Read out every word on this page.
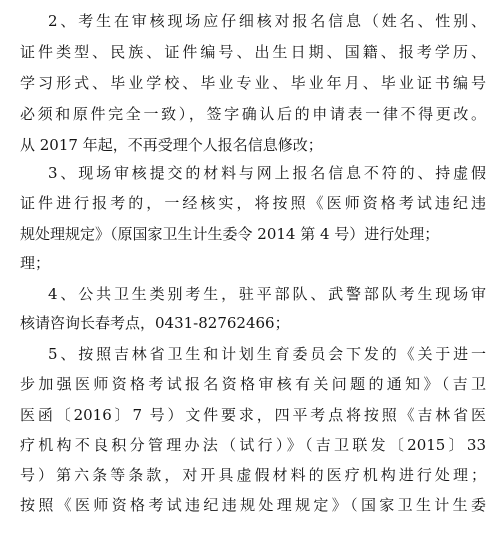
2、考生在审核现场应仔细核对报名信息（姓名、性别、
证件类型、民族、证件编号、出生日期、国籍、报考学历、
学习形式、毕业学校、毕业专业、毕业年月、毕业证书编号
必须和原件完全一致），签字确认后的申请表一律不得更改。
从 2017 年起，不再受理个人报名信息修改；
3、现场审核提交的材料与网上报名信息不符的、持虚假
证件进行报考的，一经核实，将按照《医师资格考试违纪违
规处理规定》（原国家卫生计生委令 2014 第 4 号）进行处理；
理；
4、公共卫生类别考生，驻平部队、武警部队考生现场审
核请咨询长春考点，0431-82762466；
5、按照吉林省卫生和计划生育委员会下发的《关于进一
步加强医师资格考试报名资格审核有关问题的通知》（吉卫
医函〔2016〕7 号）文件要求，四平考点将按照《吉林省医
疗机构不良积分管理办法（试行）》（吉卫联发〔2015〕33
号）第六条等条款，对开具虚假材料的医疗机构进行处理；
按照《医师资格考试违纪违规处理规定》（国家卫生计生委
